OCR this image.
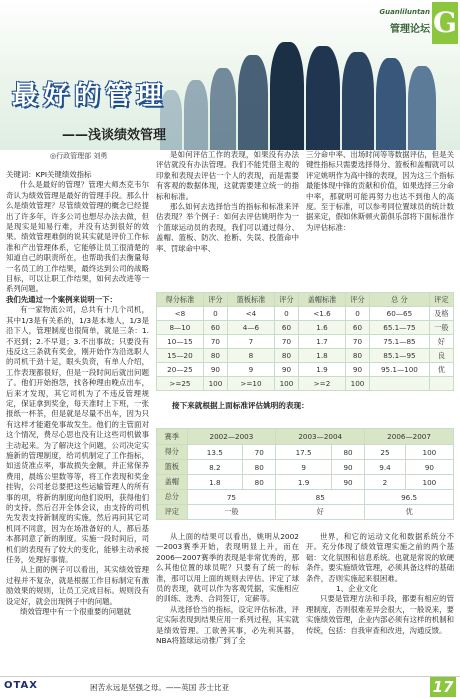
Guanliluntan
管理论坛 G
最好的管理
——浅谈绩效管理
◎行政管理部 刘勇

关键词：KPI关键绩效指标

什么是最好的管理？管理大师杰克韦尔奇认为绩效管理是最好的管理手段。那么什么是绩效管理？尽管绩效管理的概念已经提出了许多年，许多公司也想尽办法去做，但是现实是知易行难，并没有达到很好的效果。绩效管理难倒的说其实就是评价工作标准和产出管理体系，它能够让员工很清楚的知道自己的职责所在，也帮助我们去衡量每一名员工的工作结果，最终达到公司的战略目标，可以让职工作结果，如何去改进等一系列问题。

我们先通过一个案例来说明一下：

有一家物流公司，总共有十几个司机，其中1/3是有关系的，1/3是本地人，1/3是沿下人，管理制度也很简单，就是三条：1.不迟到；2.不早退；3.不出事故；只要没有违反这三条就有奖金，刚开始作为沿选职人的司机干劲十足，眼头负资，有单人介绍，工作表现都很好，但是一段时间后就出问题了。他们开始抱怨，找各种理由晚点出车，后来才发现，其它司机为了不违反管理规定，保证拿到奖金，每天准时上下班，一张报纸一杯茶，但是就是尽量不出车，因为只有这样才能避免事故发生。他们的主管面对这个情况，费尽心思也没有让这些司机做事主动起来。为了解决这个问题，公司决定实施新的管理制度，给司机制定了工作指标，如送货准点率，事故损失金额，并正常保养费用，晨练公里数等等，将工作表现和奖金挂钩，公司老总要把这些运输管理人的所有事的项，将新的制度向他们说明，获得他们的支持。然后召开全体会议，由支持的司机先发表支持新制度的实施，然后再问其它司机同不同意，因为在场准备好的人，都后基本都同意了新的制度。实施一段时间后，司机们的表现有了较大的变化，能够主动承接任务，处理好事情。

从上面的例子可以看出，其实绩效管理过程并不复杂，就是根据工作目标制定有激励效果的规则，让员工完成目标。规则没有设定好，就会出现例子中的问题。

绩效管理中有一个很重要的问题就

是如何评估工作的表现，如果没有办法评估就没有办法管理。我们不能凭借主观的印象和表现去评估一个人的表现，而是需要有客观的数据体现，这就需要建立统一的指标和标准。

那么如何去选择恰当的指标和标准来评估表现？举个例子：如何去评估姚明作为一个篮球运动员的表现，我们可以通过得分、盖帽、篮板、防次、抢断、失误、投篮命中率、罚球命中率、

三分命中率、出场时间等等数据评估，但是关键性指标只需要选择得分、篮板和盖帽就可以评定姚明作为高中锋的表现，因为这三个指标最能体现中锋的贡献和价值，如果选择三分命中率，那就明可能再努力也达不到他人的高度。至于标准，可以参考同位置球员的统计数据来定，假如休斯顿火箭俱乐部将下面标准作为评估标准：

得分标准	评分	篮板标准	评分	盖帽标准	评分	总 分	评定
<8	0	<4	0	<1.6	0	60—65	及格
8—10	60	4—6	60	1.6	60	65.1—75	一般
10—15	70	7	70	1.7	70	75.1—85	好
15—20	80	8	80	1.8	80	85.1—95	良
20—25	90	9	90	1.9	90	95.1—100	优
>=25	100	>=10	100	>=2	100		
接下来就根据上面标准评估姚明的表现：
赛季	2002—2003		2003—2004		2006—2007	
得分	13.5	70	17.5	80	25	100
篮板	8.2	80	9	90	9.4	90
盖帽	1.8	80	1.9	90	2	100
总分	75		85		96.5	
评定	一般		好		优	

从上面的结果可以看出，姚明从2002—2003赛季开始，表现明显上升，而在2006—2007赛季的表现是非常优秀的，那么其他位置的球员呢？只要有了统一的标准，那可以用上面的规则去评估。评定了球员的表现，就可以作为客观凭据，实施相应的训练、选秀、合同签订，定薪等。

从选择恰当的指标，设定评估标准，评定实际表现到结果应用一系列过程，其实就是绩效管理。工欲善其事，必先利其器，NBA将篮球运动推广到了全

世界，和它的运动文化和数据系统分不开。充分体现了绩效管理实施之前的两个基础：文化氛围和信息系统。也就是常说的软硬条件。要实施绩效管理，必须具备这样的基础条件，否则实施起来很困难。

1、企业文化

只要是管理方法和手段，都要有相应的管理制度，否则很难差异会很大，一般说来，要实施绩效管理，企业内部必须有这样的机制和传统，包括：自我审查和改进，沟通反馈。

OTAX	困苦永远是坚强之母。——英国 莎士比亚	17
